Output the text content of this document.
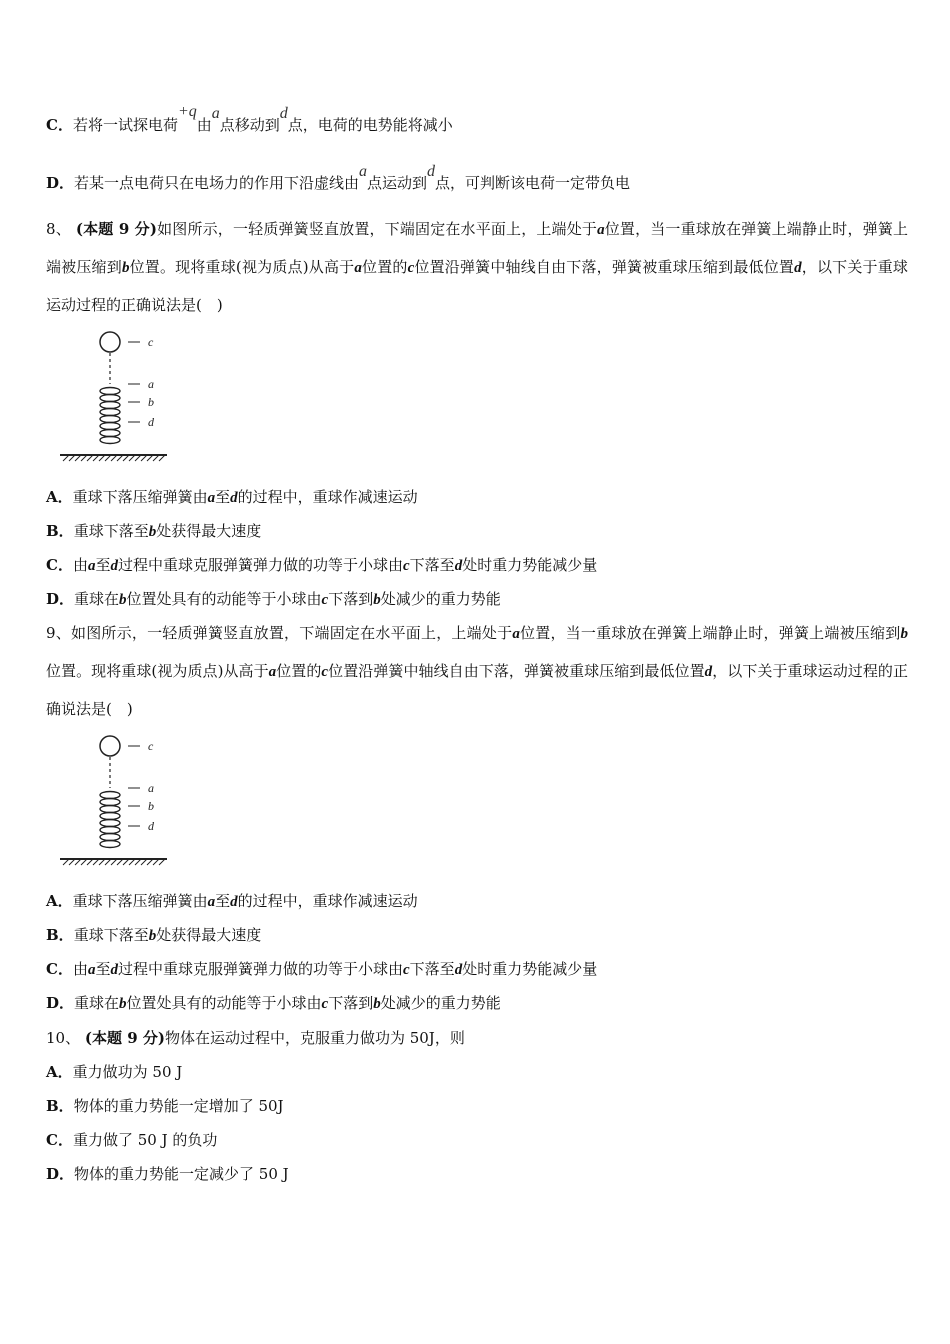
C．若将一试探电荷+q由a点移动到d点，电荷的电势能将减小
D．若某一点电荷只在电场力的作用下沿虚线由a点运动到d点，可判断该电荷一定带负电
8、 (本题 9 分)如图所示，一轻质弹簧竖直放置，下端固定在水平面上，上端处于a位置，当一重球放在弹簧上端静止时，弹簧上端被压缩到b位置。现将重球(视为质点)从高于a位置的c位置沿弹簧中轴线自由下落，弹簧被重球压缩到最低位置d，以下关于重球运动过程的正确说法是(　)
c
a
b
d
A．重球下落压缩弹簧由a至d的过程中，重球作减速运动
B．重球下落至b处获得最大速度
C．由a至d过程中重球克服弹簧弹力做的功等于小球由c下落至d处时重力势能减少量
D．重球在b位置处具有的动能等于小球由c下落到b处减少的重力势能
9、如图所示，一轻质弹簧竖直放置，下端固定在水平面上，上端处于a位置，当一重球放在弹簧上端静止时，弹簧上端被压缩到b位置。现将重球(视为质点)从高于a位置的c位置沿弹簧中轴线自由下落，弹簧被重球压缩到最低位置d，以下关于重球运动过程的正确说法是(　)
c
a
b
d
A．重球下落压缩弹簧由a至d的过程中，重球作减速运动
B．重球下落至b处获得最大速度
C．由a至d过程中重球克服弹簧弹力做的功等于小球由c下落至d处时重力势能减少量
D．重球在b位置处具有的动能等于小球由c下落到b处减少的重力势能
10、 (本题 9 分)物体在运动过程中，克服重力做功为 50J，则
A．重力做功为 50 J
B．物体的重力势能一定增加了 50J
C．重力做了 50 J 的负功
D．物体的重力势能一定减少了 50 J
